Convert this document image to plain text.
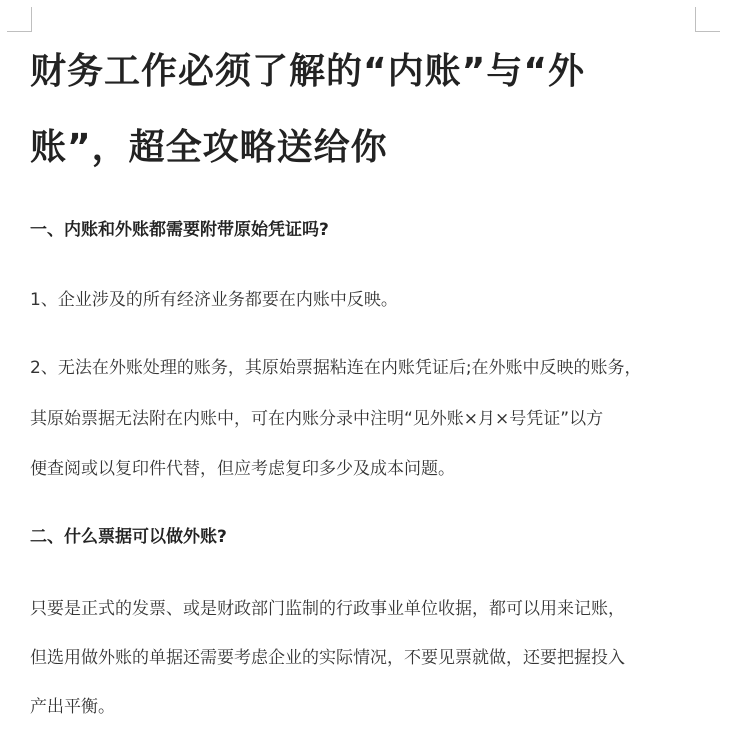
财务工作必须了解的“内账”与“外
账”，超全攻略送给你

一、内账和外账都需要附带原始凭证吗?

1、企业涉及的所有经济业务都要在内账中反映。

2、无法在外账处理的账务，其原始票据粘连在内账凭证后;在外账中反映的账务，

其原始票据无法附在内账中，可在内账分录中注明“见外账×月×号凭证”以方

便查阅或以复印件代替，但应考虑复印多少及成本问题。

二、什么票据可以做外账?

只要是正式的发票、或是财政部门监制的行政事业单位收据，都可以用来记账，

但选用做外账的单据还需要考虑企业的实际情况，不要见票就做，还要把握投入

产出平衡。
